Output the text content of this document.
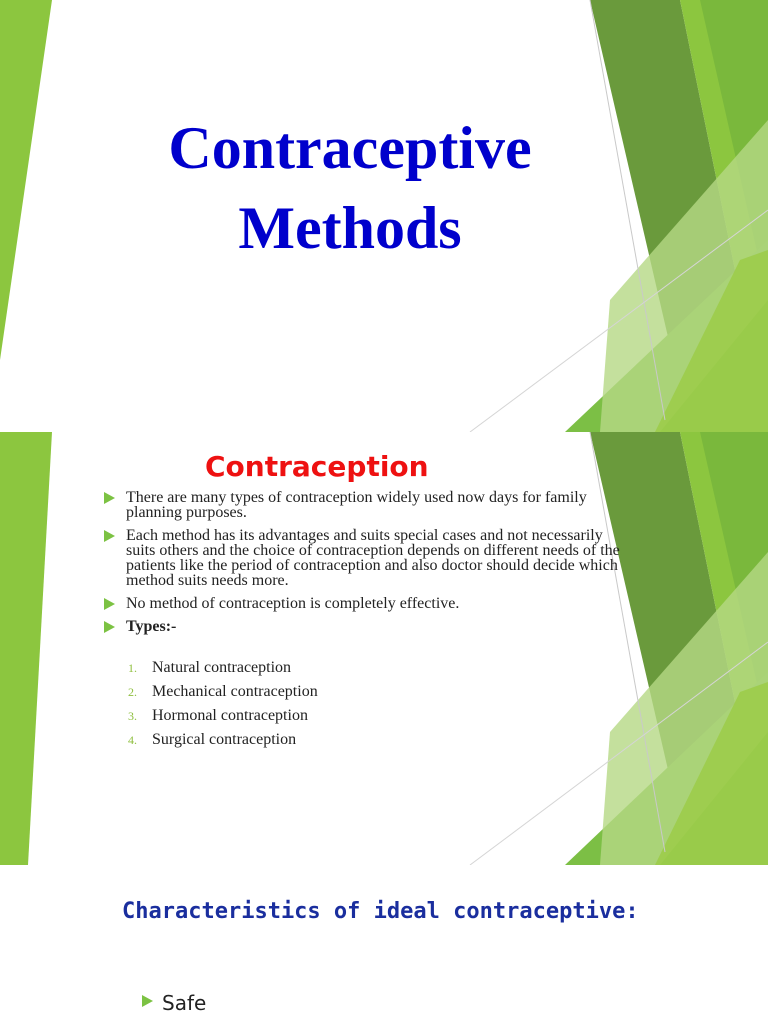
Contraceptive
Methods
Contraception
There are many types of contraception widely used now days for family planning purposes.
Each method has its advantages and suits special cases and not necessarily suits others and the choice of contraception depends on different needs of the patients like the period of contraception and also doctor should decide which method suits needs more.
No method of contraception is completely effective.
Types:-
1. Natural contraception
2. Mechanical contraception
3. Hormonal contraception
4. Surgical contraception
Characteristics of ideal contraceptive:
Safe
